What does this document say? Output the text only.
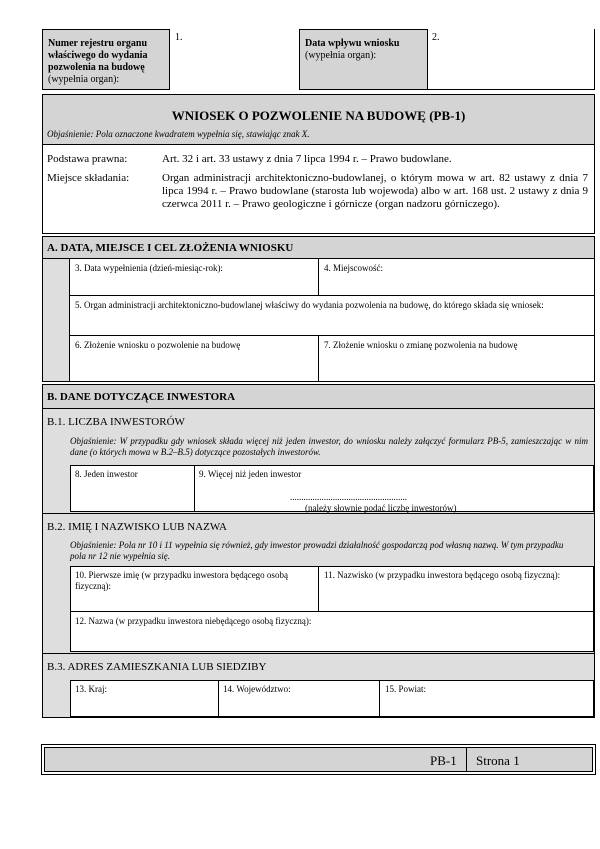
Numer rejestru organu właściwego do wydania pozwolenia na budowę
(wypełnia organ):
1.
Data wpływu wniosku
(wypełnia organ):
2.
WNIOSEK O POZWOLENIE NA BUDOWĘ (PB-1)
Objaśnienie: Pola oznaczone kwadratem wypełnia się, stawiając znak X.
Podstawa prawna:	Art. 32 i art. 33 ustawy z dnia 7 lipca 1994 r. – Prawo budowlane.
Miejsce składania:	Organ administracji architektoniczno-budowlanej, o którym mowa w art. 82 ustawy z dnia 7 lipca 1994 r. – Prawo budowlane (starosta lub wojewoda) albo w art. 168 ust. 2 ustawy z dnia 9 czerwca 2011 r. – Prawo geologiczne i górnicze (organ nadzoru górniczego).
A. DATA, MIEJSCE I CEL ZŁOŻENIA WNIOSKU
3. Data wypełnienia (dzień-miesiąc-rok):	4. Miejscowość:
5. Organ administracji architektoniczno-budowlanej właściwy do wydania pozwolenia na budowę, do którego składa się wniosek:
6. Złożenie wniosku o pozwolenie na budowę	7. Złożenie wniosku o zmianę pozwolenia na budowę
B. DANE DOTYCZĄCE INWESTORA
B.1. LICZBA INWESTORÓW
Objaśnienie: W przypadku gdy wniosek składa więcej niż jeden inwestor, do wniosku należy załączyć formularz PB-5, zamieszczając w nim dane (o których mowa w B.2–B.5) dotyczące pozostałych inwestorów.
8. Jeden inwestor	9. Więcej niż jeden inwestor
....................................................
(należy słownie podać liczbę inwestorów)
B.2. IMIĘ I NAZWISKO LUB NAZWA
Objaśnienie: Pola nr 10 i 11 wypełnia się również, gdy inwestor prowadzi działalność gospodarczą pod własną nazwą. W tym przypadku pola nr 12 nie wypełnia się.
10. Pierwsze imię (w przypadku inwestora będącego osobą fizyczną):
11. Nazwisko (w przypadku inwestora będącego osobą fizyczną):
12. Nazwa (w przypadku inwestora niebędącego osobą fizyczną):
B.3. ADRES ZAMIESZKANIA LUB SIEDZIBY
13. Kraj:	14. Województwo:	15. Powiat:
PB-1 Strona 1
